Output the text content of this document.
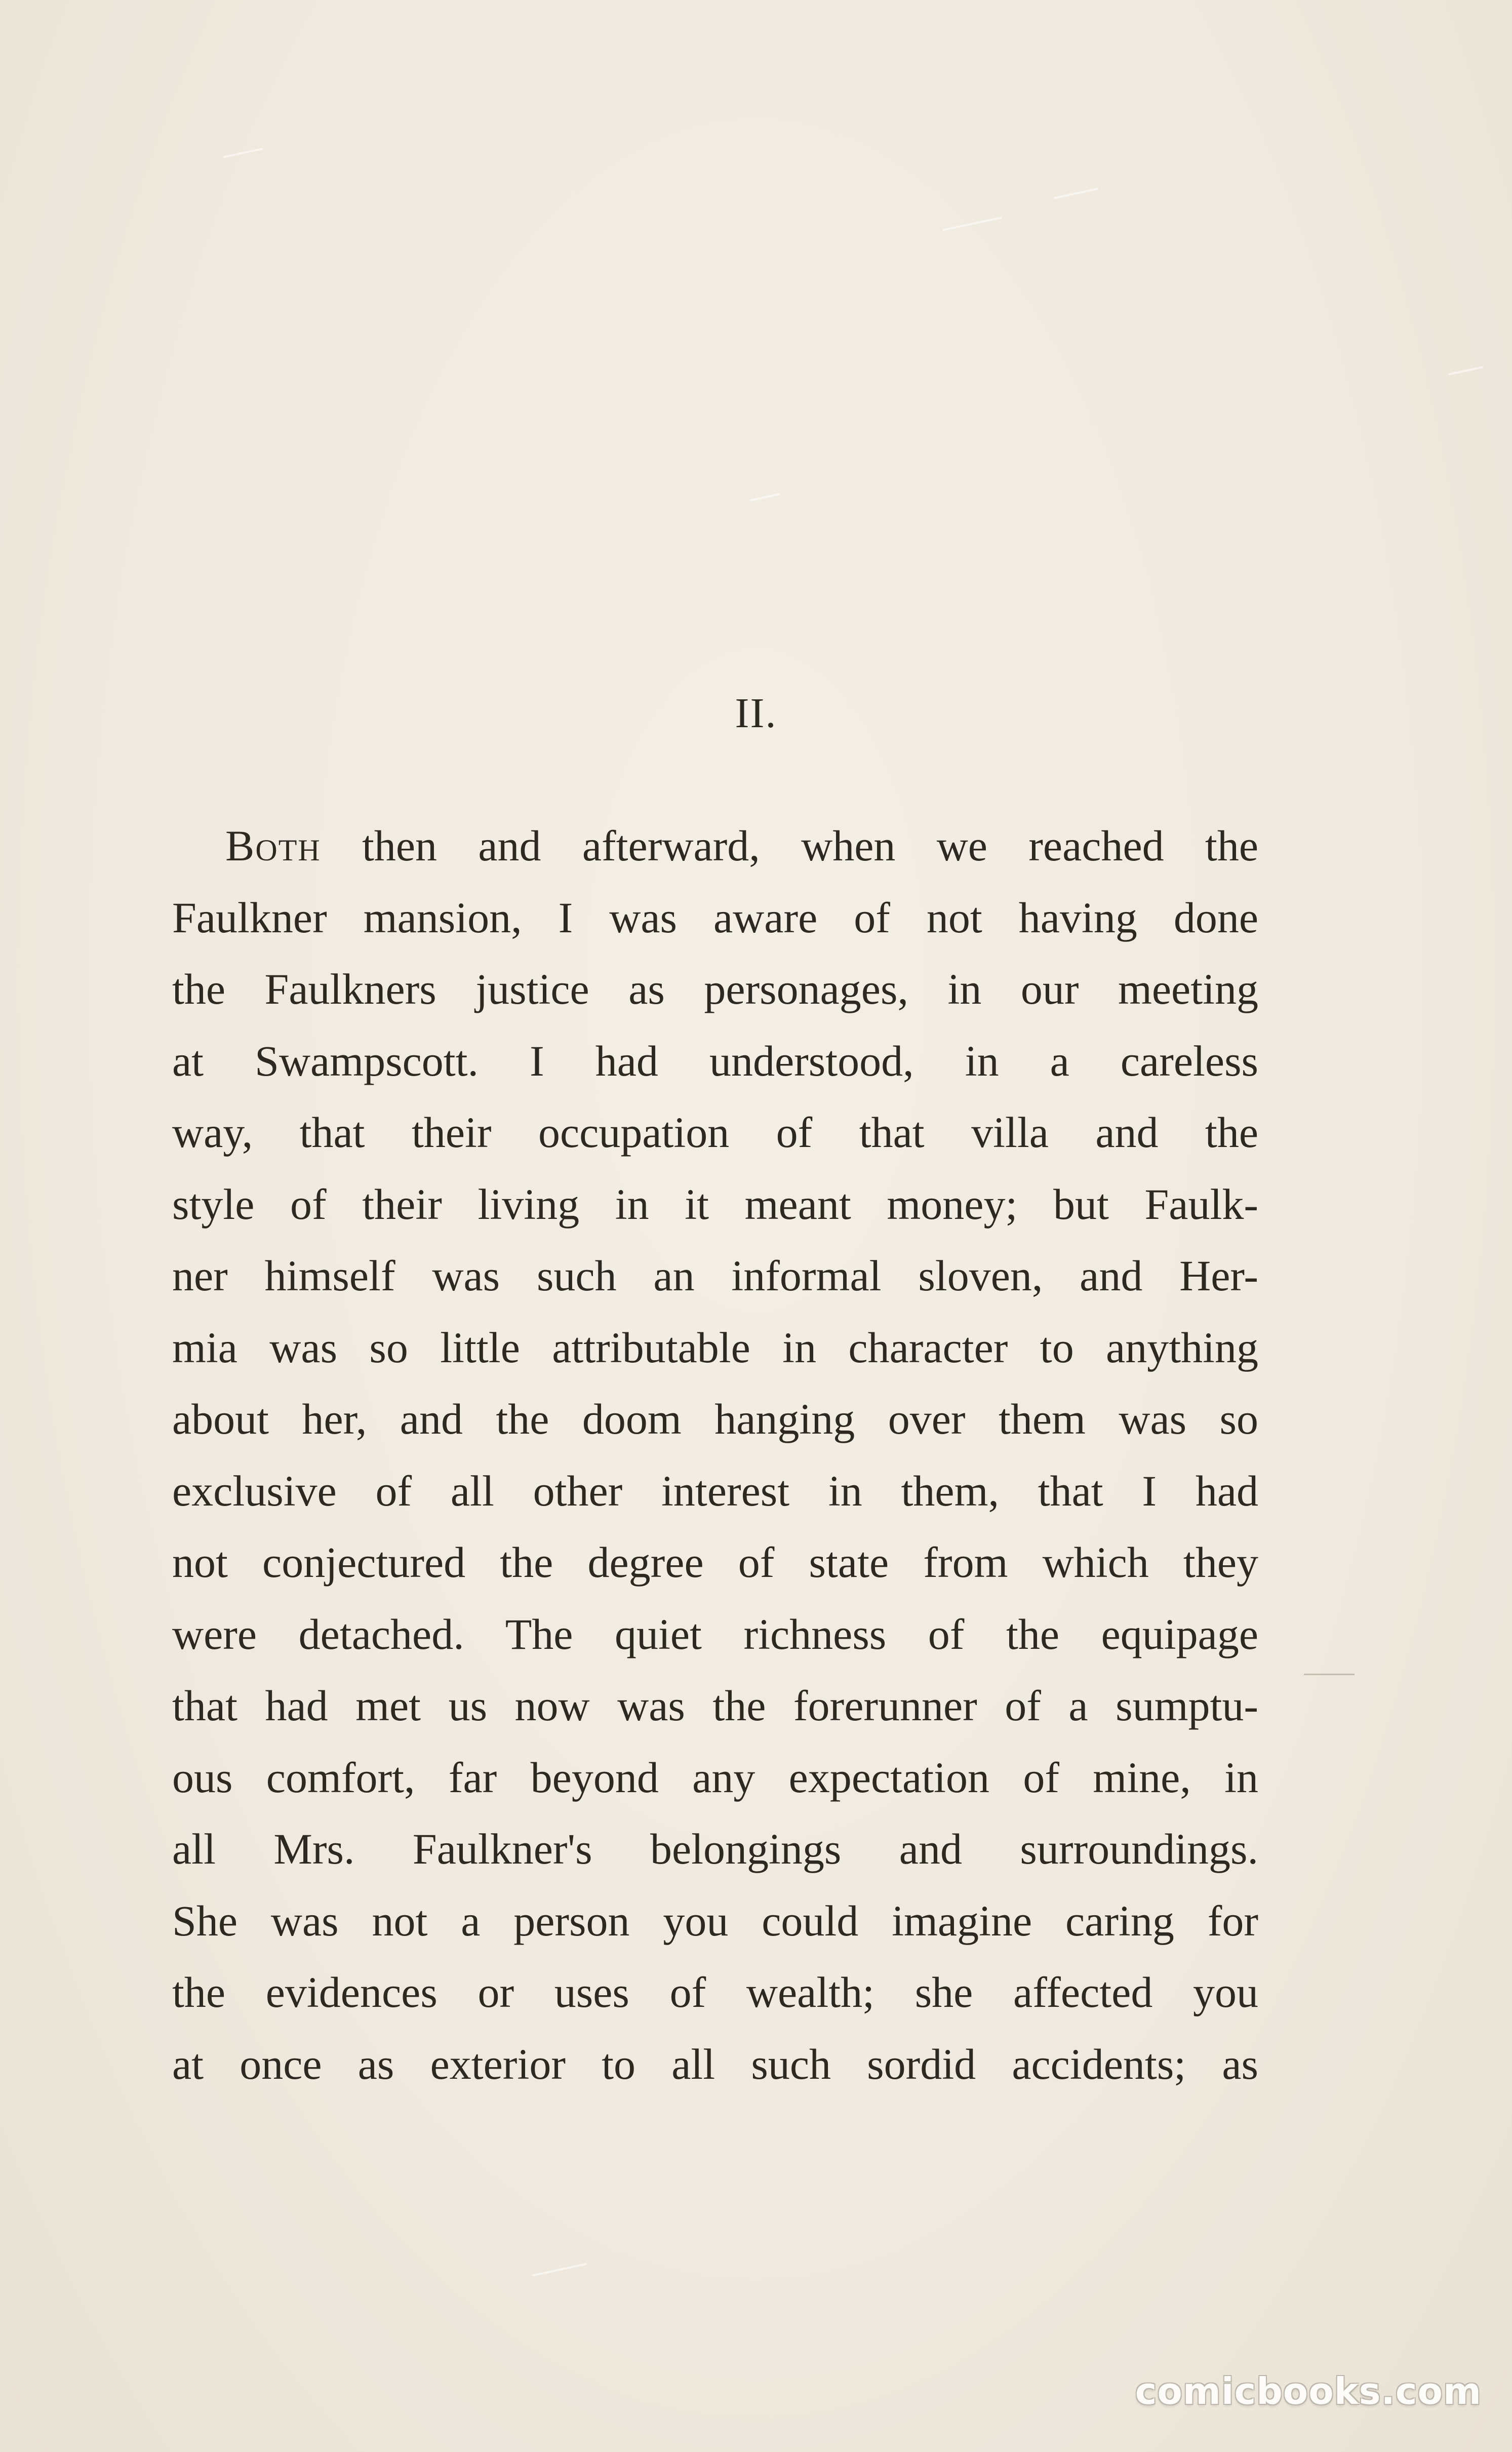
II.
Both then and afterward, when we reached the
Faulkner mansion, I was aware of not having done
the Faulkners justice as personages, in our meeting
at Swampscott. I had understood, in a careless
way, that their occupation of that villa and the
style of their living in it meant money; but Faulk-
ner himself was such an informal sloven, and Her-
mia was so little attributable in character to anything
about her, and the doom hanging over them was so
exclusive of all other interest in them, that I had
not conjectured the degree of state from which they
were detached. The quiet richness of the equipage
that had met us now was the forerunner of a sumptu-
ous comfort, far beyond any expectation of mine, in
all Mrs. Faulkner's belongings and surroundings.
She was not a person you could imagine caring for
the evidences or uses of wealth; she affected you
at once as exterior to all such sordid accidents; as
comicbooks.com
